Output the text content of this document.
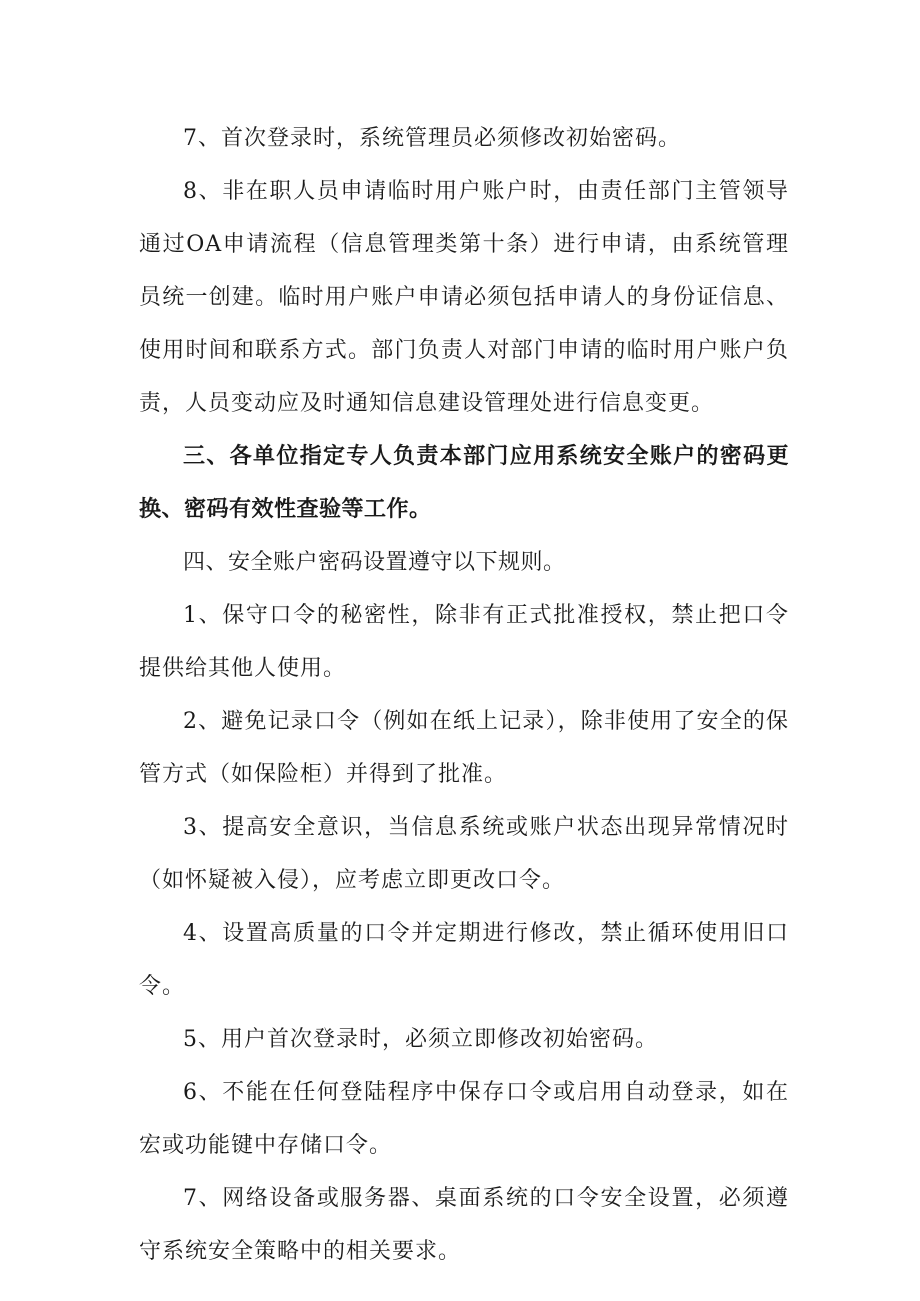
7、首次登录时，系统管理员必须修改初始密码。

8、非在职人员申请临时用户账户时，由责任部门主管领导通过OA申请流程（信息管理类第十条）进行申请，由系统管理员统一创建。临时用户账户申请必须包括申请人的身份证信息、使用时间和联系方式。部门负责人对部门申请的临时用户账户负责，人员变动应及时通知信息建设管理处进行信息变更。

三、各单位指定专人负责本部门应用系统安全账户的密码更换、密码有效性查验等工作。

四、安全账户密码设置遵守以下规则。

1、保守口令的秘密性，除非有正式批准授权，禁止把口令提供给其他人使用。

2、避免记录口令（例如在纸上记录），除非使用了安全的保管方式（如保险柜）并得到了批准。

3、提高安全意识，当信息系统或账户状态出现异常情况时（如怀疑被入侵），应考虑立即更改口令。

4、设置高质量的口令并定期进行修改，禁止循环使用旧口令。

5、用户首次登录时，必须立即修改初始密码。

6、不能在任何登陆程序中保存口令或启用自动登录，如在宏或功能键中存储口令。

7、网络设备或服务器、桌面系统的口令安全设置，必须遵守系统安全策略中的相关要求。
